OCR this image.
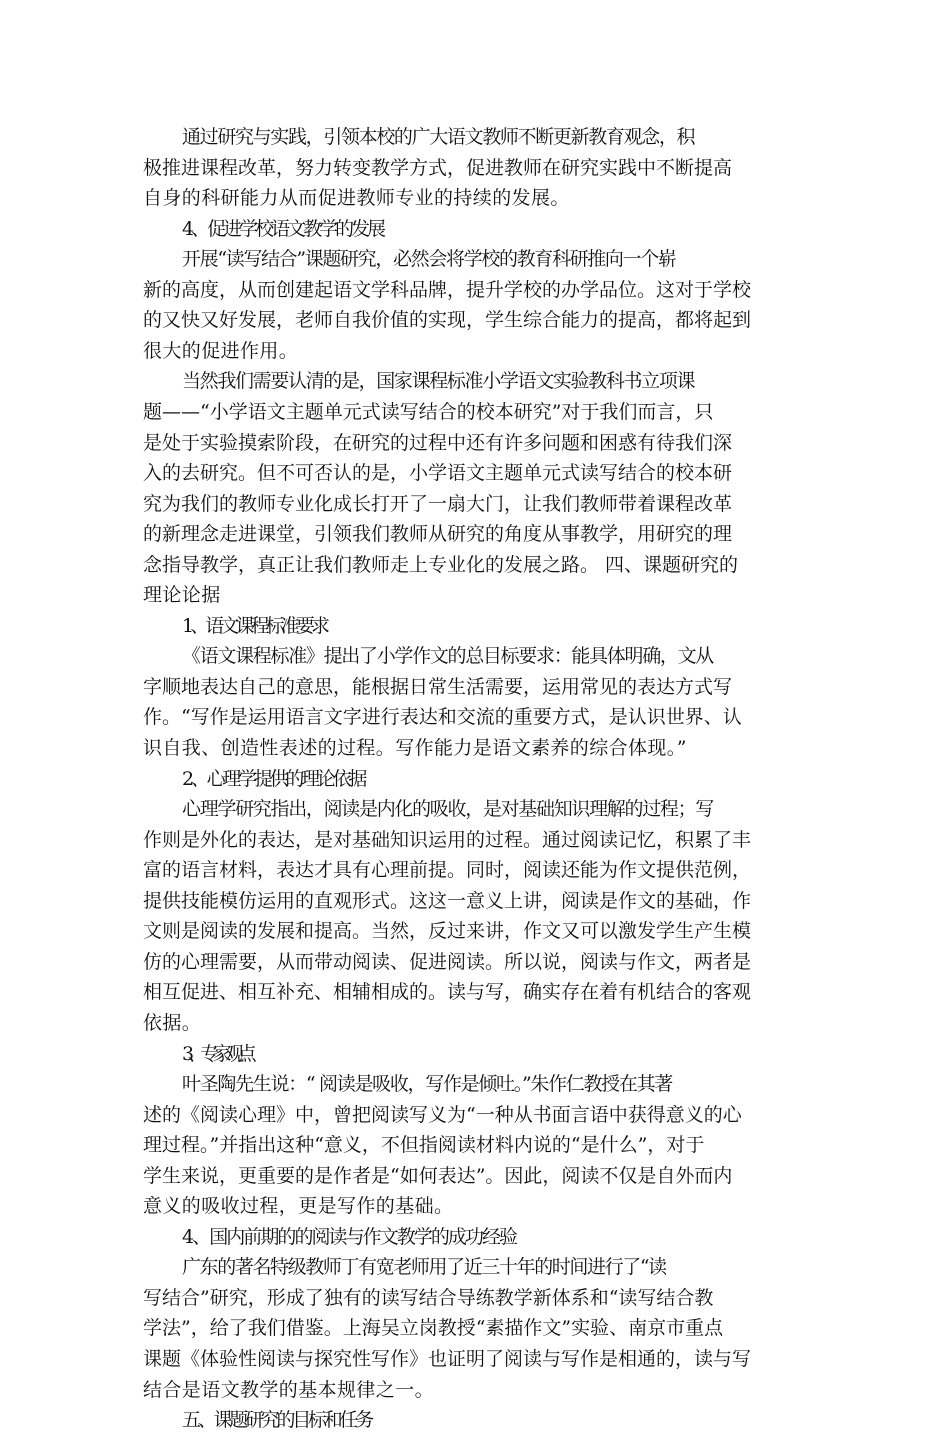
通过研究与实践，引领本校的广大语文教师不断更新教育观念，积
极推进课程改革，努力转变教学方式，促进教师在研究实践中不断提高
自身的科研能力从而促进教师专业的持续的发展。
4、促进学校语文教学的发展
开展“读写结合”课题研究，必然会将学校的教育科研推向一个崭
新的高度，从而创建起语文学科品牌，提升学校的办学品位。这对于学校
的又快又好发展，老师自我价值的实现，学生综合能力的提高，都将起到
很大的促进作用。
当然我们需要认清的是，国家课程标准小学语文实验教科书立项课
题——“小学语文主题单元式读写结合的校本研究”对于我们而言，只
是处于实验摸索阶段，在研究的过程中还有许多问题和困惑有待我们深
入的去研究。但不可否认的是，小学语文主题单元式读写结合的校本研
究为我们的教师专业化成长打开了一扇大门，让我们教师带着课程改革
的新理念走进课堂，引领我们教师从研究的角度从事教学，用研究的理
念指导教学，真正让我们教师走上专业化的发展之路。 四、课题研究的
理论论据
1、语文课程标准要求
《语文课程标准》提出了小学作文的总目标要求：能具体明确，文从
字顺地表达自己的意思，能根据日常生活需要，运用常见的表达方式写
作。“写作是运用语言文字进行表达和交流的重要方式，是认识世界、认
识自我、创造性表述的过程。写作能力是语文素养的综合体现。”
2、心理学提供的理论依据
心理学研究指出，阅读是内化的吸收，是对基础知识理解的过程；写
作则是外化的表达，是对基础知识运用的过程。通过阅读记忆，积累了丰
富的语言材料，表达才具有心理前提。同时，阅读还能为作文提供范例，
提供技能模仿运用的直观形式。这这一意义上讲，阅读是作文的基础，作
文则是阅读的发展和提高。当然，反过来讲，作文又可以激发学生产生模
仿的心理需要，从而带动阅读、促进阅读。所以说，阅读与作文，两者是
相互促进、相互补充、相辅相成的。读与写，确实存在着有机结合的客观
依据。
3、专家观点
叶圣陶先生说：“ 阅读是吸收，写作是倾吐。”朱作仁教授在其著
述的《阅读心理》中，曾把阅读写义为“一种从书面言语中获得意义的心
理过程。”并指出这种“意义，不但指阅读材料内说的“是什么”，对于
学生来说，更重要的是作者是“如何表达”。因此，阅读不仅是自外而内
意义的吸收过程，更是写作的基础。
4、国内前期的的阅读与作文教学的成功经验
广东的著名特级教师丁有宽老师用了近三十年的时间进行了“读
写结合”研究，形成了独有的读写结合导练教学新体系和“读写结合教
学法”，给了我们借鉴。上海吴立岗教授“素描作文”实验、南京市重点
课题《体验性阅读与探究性写作》也证明了阅读与写作是相通的，读与写
结合是语文教学的基本规律之一。
五、课题研究的目标和任务
